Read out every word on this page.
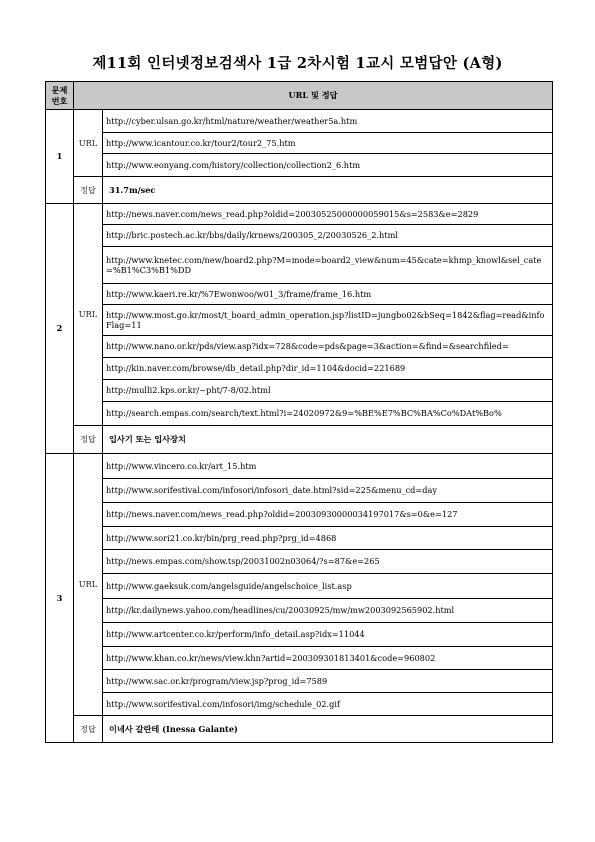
제11회 인터넷정보검색사 1급 2차시험 1교시 모범답안 (A형)
문제
번호	URL 및 정답	
1	URL	http://cyber.ulsan.go.kr/html/nature/weather/weather5a.htm
		http://www.icantour.co.kr/tour2/tour2_75.htm
		http://www.eonyang.com/history/collection/collection2_6.htm
	정답	31.7m/sec
2	URL	http://news.naver.com/news_read.php?oldid=20030525000000059015&s=2583&e=2829
		http://bric.postech.ac.kr/bbs/daily/krnews/200305_2/20030526_2.html
		http://www.knetec.com/new/board2.php?M=mode=board2_view&num=45&cate=khmp_knowl&sel_cate=%B1%C3%B1%DD
		http://www.kaeri.re.kr/%7Ewonwoo/w01_3/frame/frame_16.htm
		http://www.most.go.kr/most/t_board_admin_operation.jsp?listID=jungbo02&bSeq=1842&flag=read&infoFlag=11
		http://www.nano.or.kr/pds/view.asp?idx=728&code=pds&page=3&action=&find=&searchfiled=
		http://kin.naver.com/browse/db_detail.php?dir_id=1104&docid=221689
		http://mulli2.kps.or.kr/~pht/7-8/02.html
		http://search.empas.com/search/text.html?i=24020972&9=%BE%E7%BC%BA%Co%DAt%Bo%
	정답	입사기 또는 입사장치
3	URL	http://www.vincero.co.kr/art_15.htm
		http://www.sorifestival.com/infosori/infosori_date.html?sid=225&menu_cd=day
		http://news.naver.com/news_read.php?oldid=20030930000034197017&s=0&e=127
		http://www.sori21.co.kr/bin/prg_read.php?prg_id=4868
		http://news.empas.com/show.tsp/20031002n03064/?s=87&e=265
		http://www.gaeksuk.com/angelsguide/angelschoice_list.asp
		http://kr.dailynews.yahoo.com/headlines/cu/20030925/mw/mw2003092565902.html
		http://www.artcenter.co.kr/perform/info_detail.asp?idx=11044
		http://www.khan.co.kr/news/view.khn?artid=200309301813401&code=960802
		http://www.sac.or.kr/program/view.jsp?prog_id=7589
		http://www.sorifestival.com/infosori/img/schedule_02.gif
	정답	이네사 갈란테 (Inessa Galante)
